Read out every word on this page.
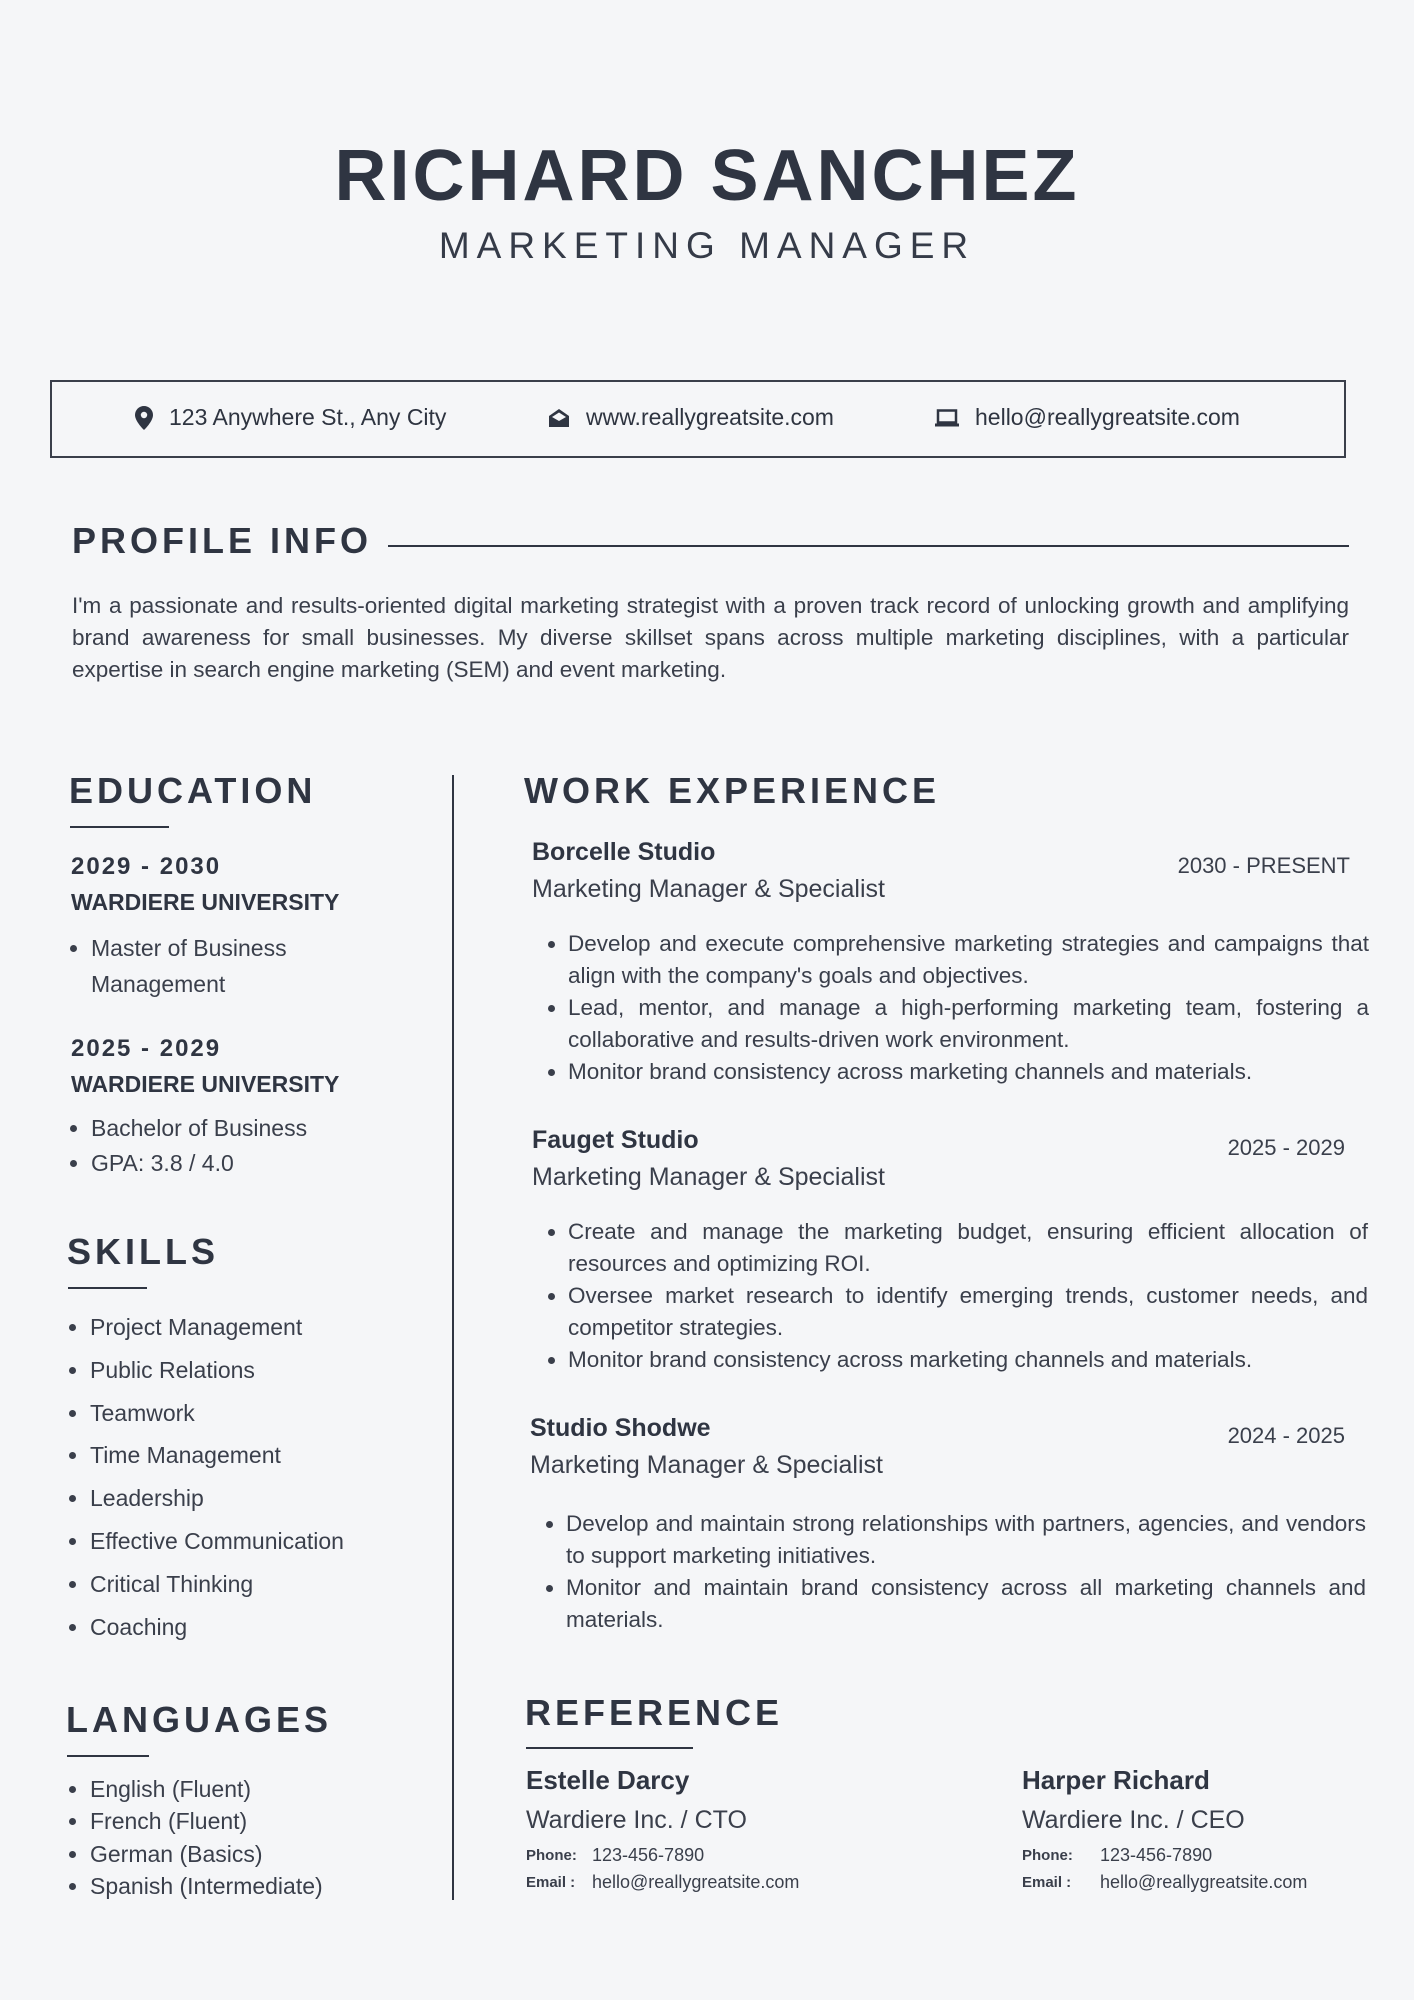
RICHARD SANCHEZ
MARKETING MANAGER
123 Anywhere St., Any City	www.reallygreatsite.com	hello@reallygreatsite.com
PROFILE INFO
I'm a passionate and results-oriented digital marketing strategist with a proven track record of unlocking growth and amplifying brand awareness for small businesses. My diverse skillset spans across multiple marketing disciplines, with a particular expertise in search engine marketing (SEM) and event marketing.
EDUCATION
2029 - 2030
WARDIERE UNIVERSITY
• Master of Business Management
2025 - 2029
WARDIERE UNIVERSITY
• Bachelor of Business
• GPA: 3.8 / 4.0
SKILLS
• Project Management
• Public Relations
• Teamwork
• Time Management
• Leadership
• Effective Communication
• Critical Thinking
• Coaching
LANGUAGES
• English (Fluent)
• French (Fluent)
• German (Basics)
• Spanish (Intermediate)
WORK EXPERIENCE
Borcelle Studio	2030 - PRESENT
Marketing Manager & Specialist
• Develop and execute comprehensive marketing strategies and campaigns that align with the company's goals and objectives.
• Lead, mentor, and manage a high-performing marketing team, fostering a collaborative and results-driven work environment.
• Monitor brand consistency across marketing channels and materials.
Fauget Studio	2025 - 2029
Marketing Manager & Specialist
• Create and manage the marketing budget, ensuring efficient allocation of resources and optimizing ROI.
• Oversee market research to identify emerging trends, customer needs, and competitor strategies.
• Monitor brand consistency across marketing channels and materials.
Studio Shodwe	2024 - 2025
Marketing Manager & Specialist
• Develop and maintain strong relationships with partners, agencies, and vendors to support marketing initiatives.
• Monitor and maintain brand consistency across all marketing channels and materials.
REFERENCE
Estelle Darcy
Wardiere Inc. / CTO
Phone: 123-456-7890
Email : hello@reallygreatsite.com
Harper Richard
Wardiere Inc. / CEO
Phone:	123-456-7890
Email :	hello@reallygreatsite.com
